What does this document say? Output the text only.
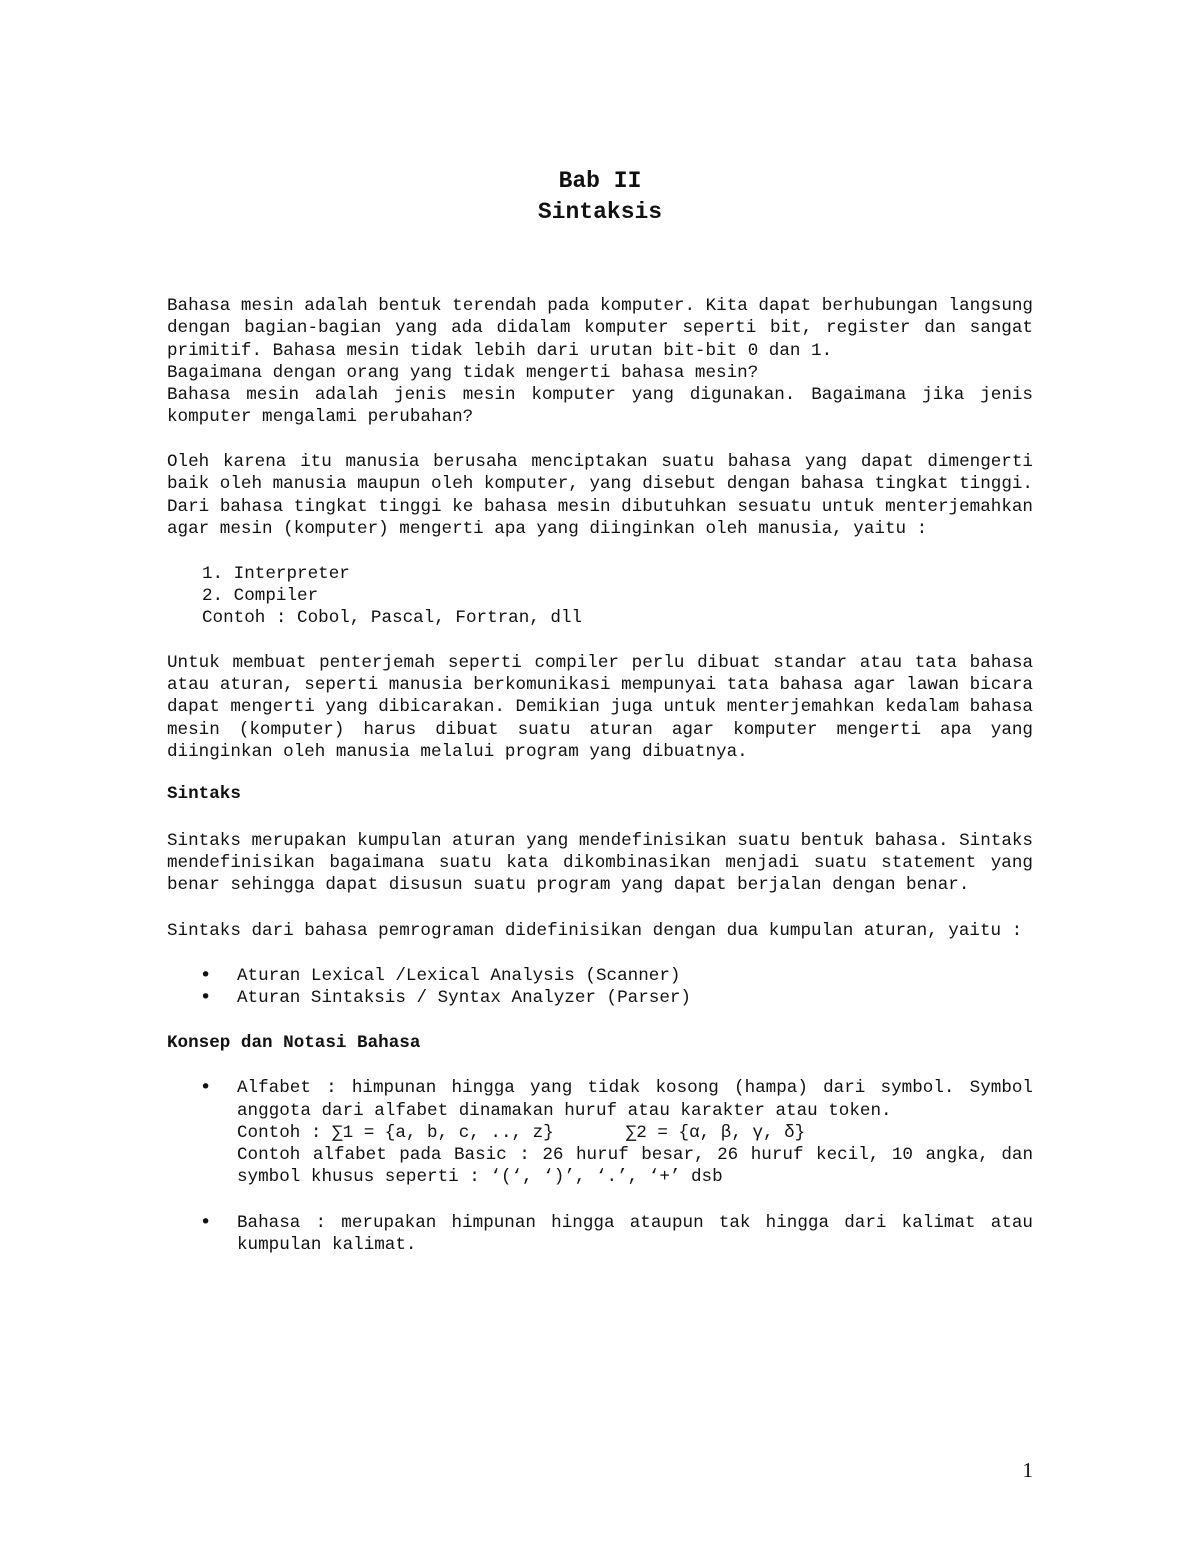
Bab II
Sintaksis

Bahasa mesin adalah bentuk terendah pada komputer. Kita dapat berhubungan langsung dengan bagian-bagian yang ada didalam komputer seperti bit, register dan sangat primitif. Bahasa mesin tidak lebih dari urutan bit-bit 0 dan 1.

Bagaimana dengan orang yang tidak mengerti bahasa mesin?

Bahasa mesin adalah jenis mesin komputer yang digunakan. Bagaimana jika jenis komputer mengalami perubahan?

Oleh karena itu manusia berusaha menciptakan suatu bahasa yang dapat dimengerti baik oleh manusia maupun oleh komputer, yang disebut dengan bahasa tingkat tinggi. Dari bahasa tingkat tinggi ke bahasa mesin dibutuhkan sesuatu untuk menterjemahkan agar mesin (komputer) mengerti apa yang diinginkan oleh manusia, yaitu :

1. Interpreter
2. Compiler
Contoh : Cobol, Pascal, Fortran, dll

Untuk membuat penterjemah seperti compiler perlu dibuat standar atau tata bahasa atau aturan, seperti manusia berkomunikasi mempunyai tata bahasa agar lawan bicara dapat mengerti yang dibicarakan. Demikian juga untuk menterjemahkan kedalam bahasa mesin (komputer) harus dibuat suatu aturan agar komputer mengerti apa yang diinginkan oleh manusia melalui program yang dibuatnya.

Sintaks

Sintaks merupakan kumpulan aturan yang mendefinisikan suatu bentuk bahasa. Sintaks mendefinisikan bagaimana suatu kata dikombinasikan menjadi suatu statement yang benar sehingga dapat disusun suatu program yang dapat berjalan dengan benar.

Sintaks dari bahasa pemrograman didefinisikan dengan dua kumpulan aturan, yaitu :

• Aturan Lexical /Lexical Analysis (Scanner)
• Aturan Sintaksis / Syntax Analyzer (Parser)

Konsep dan Notasi Bahasa

• Alfabet : himpunan hingga yang tidak kosong (hampa) dari symbol. Symbol anggota dari alfabet dinamakan huruf atau karakter atau token.
Contoh : ∑1 = {a, b, c, .., z}	∑2 = {α, β, γ, δ}
Contoh alfabet pada Basic : 26 huruf besar, 26 huruf kecil, 10 angka, dan symbol khusus seperti : ‘(‘, ‘)’, ‘.’, ‘+’ dsb
• Bahasa : merupakan himpunan hingga ataupun tak hingga dari kalimat atau kumpulan kalimat.
1
